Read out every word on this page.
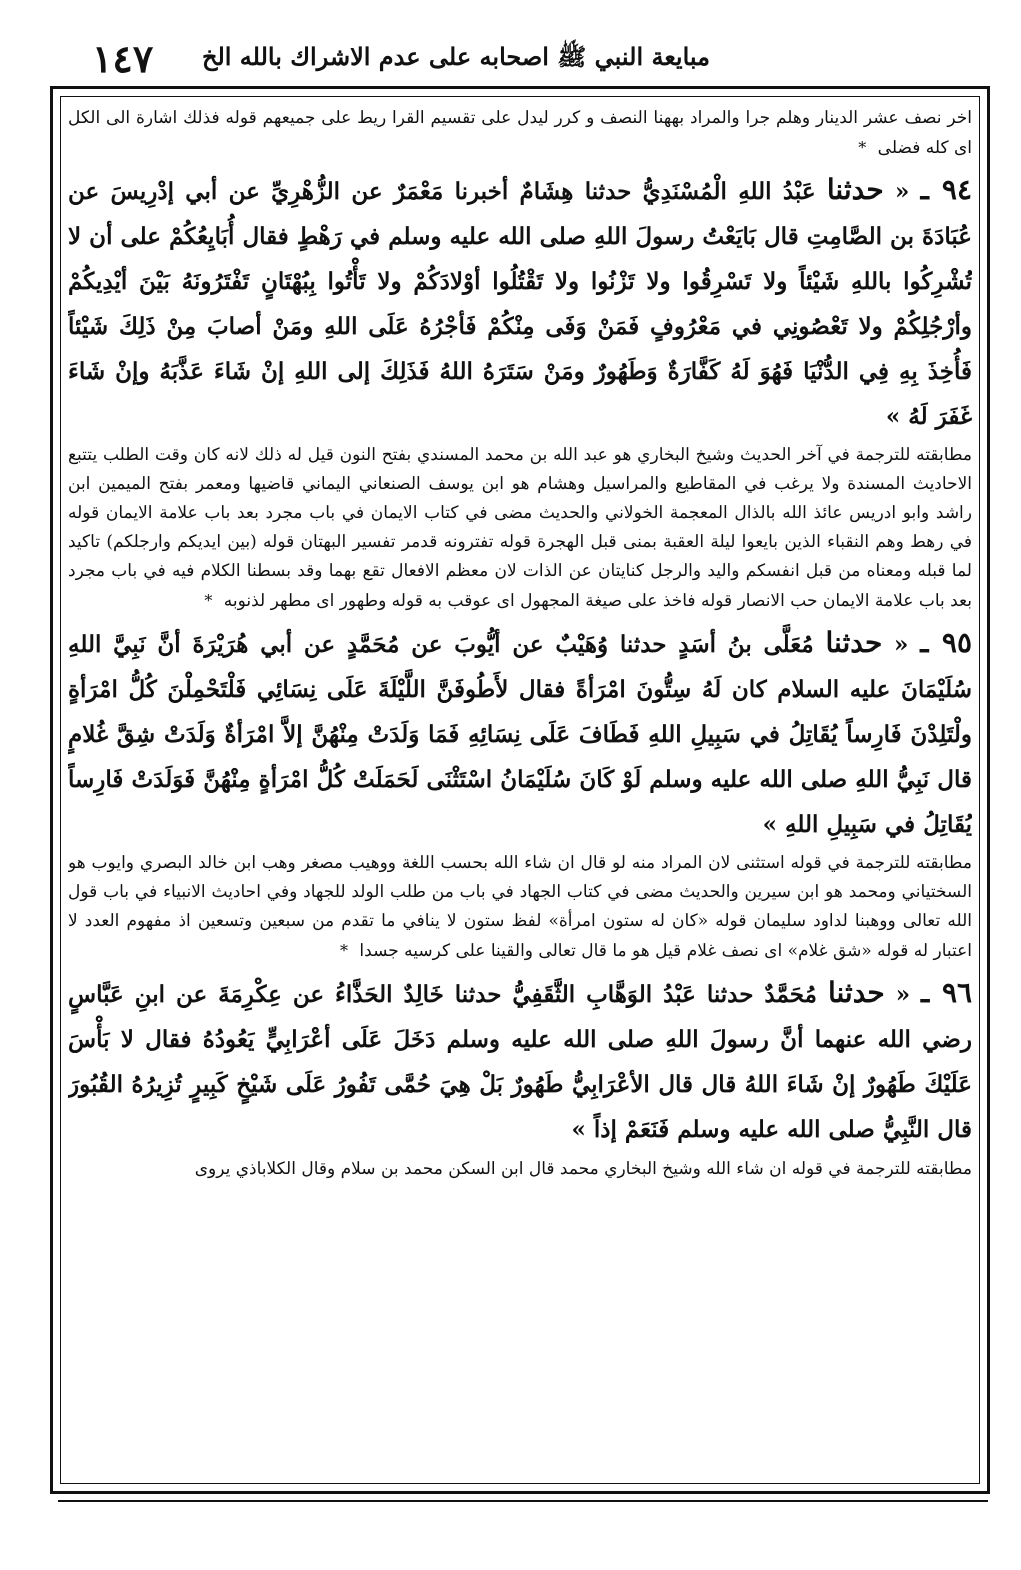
١٤٧ مبايعة النبي ﷺ اصحابه على عدم الاشراك بالله الخ

اخر نصف عشر الدينار وهلم جرا والمراد بههنا النصف و كرر ليدل على تقسيم القرا ريط على جميعهم قوله فذلك اشارة الى الكل اى كله فضلى *

٩٤ ـ « حدثنا عَبْدُ اللهِ الْمُسْنَدِيُّ حدثنا هِشَامٌ أخبرنا مَعْمَرٌ عن الزُّهْرِيِّ عن أبي إدْرِيسَ عن عُبَادَةَ بن الصَّامِتِ قال بَايَعْتُ رسولَ اللهِ صلى الله عليه وسلم في رَهْطٍ فقال أُبَايِعُكُمْ على أن لا تُشْرِكُوا باللهِ شَيْئاً ولا تَسْرِقُوا ولا تَزْنُوا ولا تَقْتُلُوا أوْلادَكُمْ ولا تَأْتُوا بِبُهْتَانٍ تَفْتَرُونَهُ بَيْنَ أيْدِيكُمْ وأرْجُلِكُمْ ولا تَعْصُونِي في مَعْرُوفٍ فَمَنْ وَفَى مِنْكُمْ فَأجْرُهُ عَلَى اللهِ ومَنْ أصابَ مِنْ ذَلِكَ شَيْئاً فَأُخِذَ بِهِ فِي الدُّنْيَا فَهُوَ لَهُ كَفَّارَةٌ وَطَهُورٌ ومَنْ سَتَرَهُ اللهُ فَذَلِكَ إلى اللهِ إنْ شَاءَ عَذَّبَهُ وإنْ شَاءَ غَفَرَ لَهُ »

مطابقته للترجمة في آخر الحديث وشيخ البخاري هو عبد الله بن محمد المسندي بفتح النون قيل له ذلك لانه كان وقت الطلب يتتبع الاحاديث المسندة ولا يرغب في المقاطيع والمراسيل وهشام هو ابن يوسف الصنعاني اليماني قاضيها ومعمر بفتح الميمين ابن راشد وابو ادريس عائذ الله بالذال المعجمة الخولاني والحديث مضى في كتاب الايمان في باب مجرد بعد باب علامة الايمان قوله في رهط وهم النقباء الذين بايعوا ليلة العقبة بمنى قبل الهجرة قوله تفترونه قدمر تفسير البهتان قوله (بين ايديكم وارجلكم) تاكيد لما قبله ومعناه من قبل انفسكم واليد والرجل كنايتان عن الذات لان معظم الافعال تقع بهما وقد بسطنا الكلام فيه في باب مجرد بعد باب علامة الايمان حب الانصار قوله فاخذ على صيغة المجهول اى عوقب به قوله وطهور اى مطهر لذنوبه *

٩٥ ـ « حدثنا مُعَلَّى بنُ أسَدٍ حدثنا وُهَيْبٌ عن أيُّوبَ عن مُحَمَّدٍ عن أبي هُرَيْرَةَ أنَّ نَبِيَّ اللهِ سُلَيْمَانَ عليه السلام كان لَهُ سِتُّونَ امْرَأةً فقال لأَطُوفَنَّ اللَّيْلَةَ عَلَى نِسَائِي فَلْتَحْمِلْنَ كُلُّ امْرَأةٍ ولْتَلِدْنَ فَارِساً يُقَاتِلُ في سَبِيلِ اللهِ فَطَافَ عَلَى نِسَائِهِ فَمَا وَلَدَتْ مِنْهُنَّ إلاَّ امْرَأةٌ وَلَدَتْ شِقَّ غُلامٍ قال نَبِيُّ اللهِ صلى الله عليه وسلم لَوْ كَانَ سُلَيْمَانُ اسْتَثْنَى لَحَمَلَتْ كُلُّ امْرَأةٍ مِنْهُنَّ فَوَلَدَتْ فَارِساً يُقَاتِلُ في سَبِيلِ اللهِ »

مطابقته للترجمة في قوله استثنى لان المراد منه لو قال ان شاء الله بحسب اللغة ووهيب مصغر وهب ابن خالد البصري وايوب هو السختياني ومحمد هو ابن سيرين والحديث مضى في كتاب الجهاد في باب من طلب الولد للجهاد وفي احاديث الانبياء في باب قول الله تعالى ووهبنا لداود سليمان قوله «كان له ستون امرأة» لفظ ستون لا ينافي ما تقدم من سبعين وتسعين اذ مفهوم العدد لا اعتبار له قوله «شق غلام» اى نصف غلام قيل هو ما قال تعالى والقينا على كرسيه جسدا *

٩٦ ـ « حدثنا مُحَمَّدٌ حدثنا عَبْدُ الوَهَّابِ الثَّقَفِيُّ حدثنا خَالِدٌ الحَذَّاءُ عن عِكْرِمَةَ عن ابنِ عَبَّاسٍ رضي الله عنهما أنَّ رسولَ اللهِ صلى الله عليه وسلم دَخَلَ عَلَى أعْرَابِيٍّ يَعُودُهُ فقال لا بَأْسَ عَلَيْكَ طَهُورٌ إنْ شَاءَ اللهُ قال قال الأعْرَابِيُّ طَهُورٌ بَلْ هِيَ حُمَّى تَفُورُ عَلَى شَيْخٍ كَبِيرٍ تُزِيرُهُ القُبُورَ قال النَّبِيُّ صلى الله عليه وسلم فَنَعَمْ إذاً »

مطابقته للترجمة في قوله ان شاء الله وشيخ البخاري محمد قال ابن السكن محمد بن سلام وقال الكلاباذي يروى
